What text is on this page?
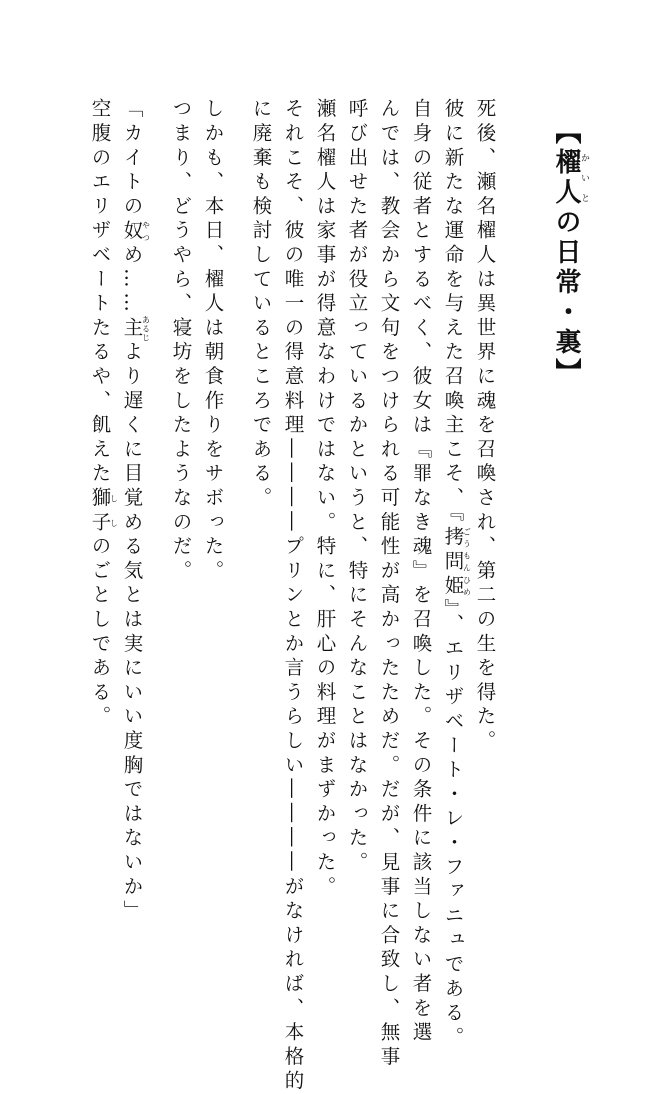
【櫂人かいとの日常・裏】
死後、瀬名櫂人は異世界に魂を召喚され、第二の生を得た。
彼に新たな運命を与えた召喚主こそ、『拷問姫ごうもんひめ』、エリザベート・レ・ファニュである。
自身の従者とするべく、彼女は『罪なき魂』を召喚した。その条件に該当しない者を選
んでは、教会から文句をつけられる可能性が高かったためだ。だが、見事に合致し、無事
呼び出せた者が役立っているかというと、特にそんなことはなかった。
瀬名櫂人は家事が得意なわけではない。特に、肝心の料理がまずかった。
それこそ、彼の唯一の得意料理――――プリンとか言うらしい――――がなければ、本格的
に廃棄も検討しているところである。
しかも、本日、櫂人は朝食作りをサボった。
つまり、どうやら、寝坊をしたようなのだ。
「カイトの奴やつめ……主あるじより遅くに目覚める気とは実にいい度胸ではないか」
空腹のエリザベートたるや、飢えた獅子ししのごとしである。
